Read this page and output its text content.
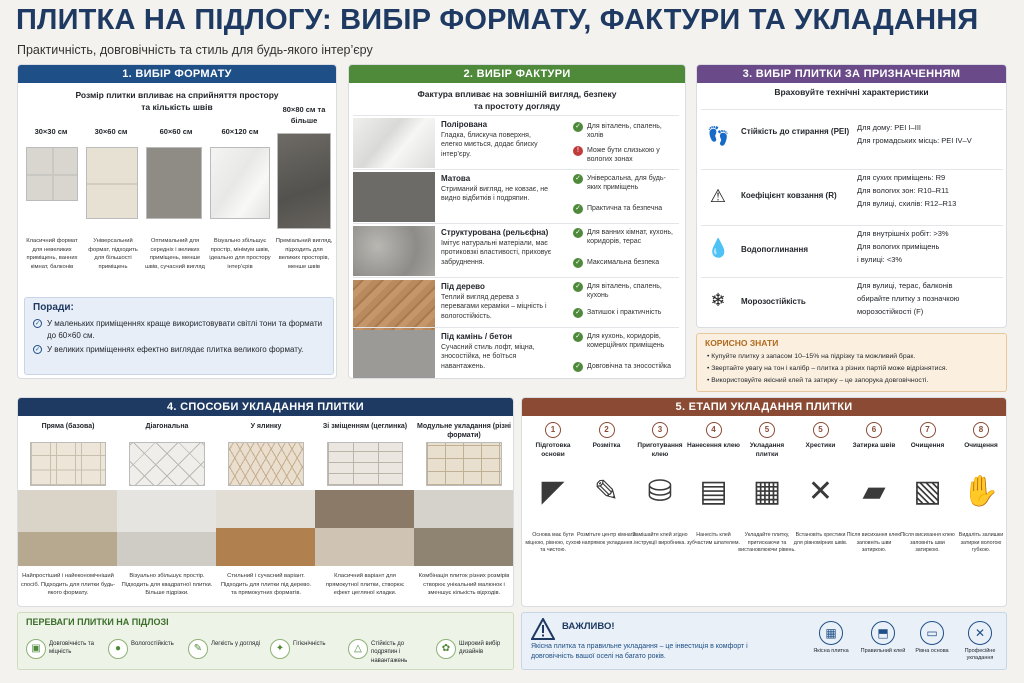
ПЛИТКА НА ПІДЛОГУ: ВИБІР ФОРМАТУ, ФАКТУРИ ТА УКЛАДАННЯ
Практичність, довговічність та стиль для будь-якого інтер’єру
1. ВИБІР ФОРМАТУ
Розмір плитки впливає на сприйняття простору
та кількість швів
30×30 см	30×60 см	60×60 см	60×120 см
80×80 см та більше
Класичний формат для невеликих приміщень, ванних кімнат, балконів
Універсальний формат, підходить для більшості приміщень
Оптимальний для середніх і великих приміщень, менше швів, сучасний вигляд
Візуально збільшує простір, мінімум швів, ідеально для простору інтер’єрів
Преміальний вигляд, підходить для великих просторів, менше швів
Поради:
✓ У маленьких приміщеннях краще використовувати світлі тони та формати до 60×60 см.
✓ У великих приміщеннях ефектно виглядає плитка великого формату.
2. ВИБІР ФАКТУРИ
Фактура впливає на зовнішній вигляд, безпеку
та простоту догляду
Полірована
Гладка, блискуча поверхня, елегко миється, додає блиску інтер’єру.
✓ Для віталень, спалень, холів
!	Може бути слизькою у вологих зонах
Матова
Стриманий вигляд, не ковзає, не видно відбитків і подряпин.
✓ Універсальна, для будь-яких приміщень
✓ Практична та безпечна
Структурована (рельєфна)
Імітує натуральні матеріали, має протиковзкі властивості, приховує забруднення.
✓ Для ванних кімнат, кухонь, коридорів, терас
✓ Максимальна безпека
Під дерево
Теплий вигляд дерева з перевагами кераміки – міцність і вологостійкість.
✓ Для віталень, спалень, кухонь
✓ Затишок і практичність
Під камінь / бетон
Сучасний стиль лофт, міцна, зносостійка, не боїться навантажень.
✓ Для кухонь, коридорів, комерційних приміщень
✓ Довговічна та зносостійка
3. ВИБІР ПЛИТКИ ЗА ПРИЗНАЧЕННЯМ
Враховуйте технічні характеристики
👣 Стійкість до стирання (PEI) Для дому: PEI I–III
Для громадських місць: PEI IV–V
⚠	Коефіцієнт ковзання (R)
Для сухих приміщень: R9
Для вологих зон: R10–R11
Для вулиці, схилів: R12–R13
💧 Водопоглинання
Для внутрішніх робіт: >3%
Для вологих приміщень
і вулиці: <3%
❄	Морозостійкість
Для вулиці, терас, балконів
обирайте плитку з позначкою
морозостійкості (F)
КОРИСНО ЗНАТИ
• Купуйте плитку з запасом 10–15% на підрізку та можливий брак.
• Звертайте увагу на тон і калібр – плитка з різних партій може відрізнятися.
• Використовуйте якісний клей та затирку – це запорука довговічності.
4. СПОСОБИ УКЛАДАННЯ ПЛИТКИ
Пряма (базова)
Найпростіший і найекономічніший спосіб. Підходить для плитки будь-якого формату.
Діагональна
Візуально збільшує простір. Підходить для квадратної плитки. Більше підрізки.
У ялинку
Стильний і сучасний варіант. Підходить для плитки під дерево. та прямокутних форматів.
Зі зміщенням (цеглинка)
Класичний варіант для прямокутної плитки, створює ефект цегляної кладки.
Модульне укладання (різні формати)
Комбінація плиток різних розмірів створює унікальний малюнок і зменшує кількість відходів.
ПЕРЕВАГИ ПЛИТКИ НА ПІДЛОЗІ
▣	Довговічність та міцність	●	Вологостійкість	✎	Легкість у догляді	✦	Гігієнічність	△	Стійкість до подряпин і навантажень
✿	Широкий вибір дизайнів
5. ЕТАПИ УКЛАДАННЯ ПЛИТКИ
1
Підготовка основи
◤
Основа має бути міцною, рівною, сухою та чистою.
2
Розмітка
✎
Розмітьте центр кімнати і напрямок укладання.
3
Приготування клею
⛁
Замішайте клей згідно інструкції виробника.
4
Нанесення клею
▤
Нанесіть клей зубчастим шпателем.
5
Укладання плитки
▦
Укладайте плитку, притискаючи та вистановлюючи рівень.
5
Хрестики
✕
Встановіть хрестики для рівномірних швів.
6
Затирка швів
▰
Після висихання клею заповніть шви затиркою.
7
Очищення
▧
Після висихання клею заповніть шви затиркою.
8
Очищення
✋
Видаліть залишки затирки вологою губкою.
ВАЖЛИВО!
Якісна плитка та правильне укладання – це інвестиція в комфорт і довговічність вашої оселі на багато років.
▦
Якісна плитка
⬒
Правильний клей
▭
Рівна основа
✕
Професійне укладання
